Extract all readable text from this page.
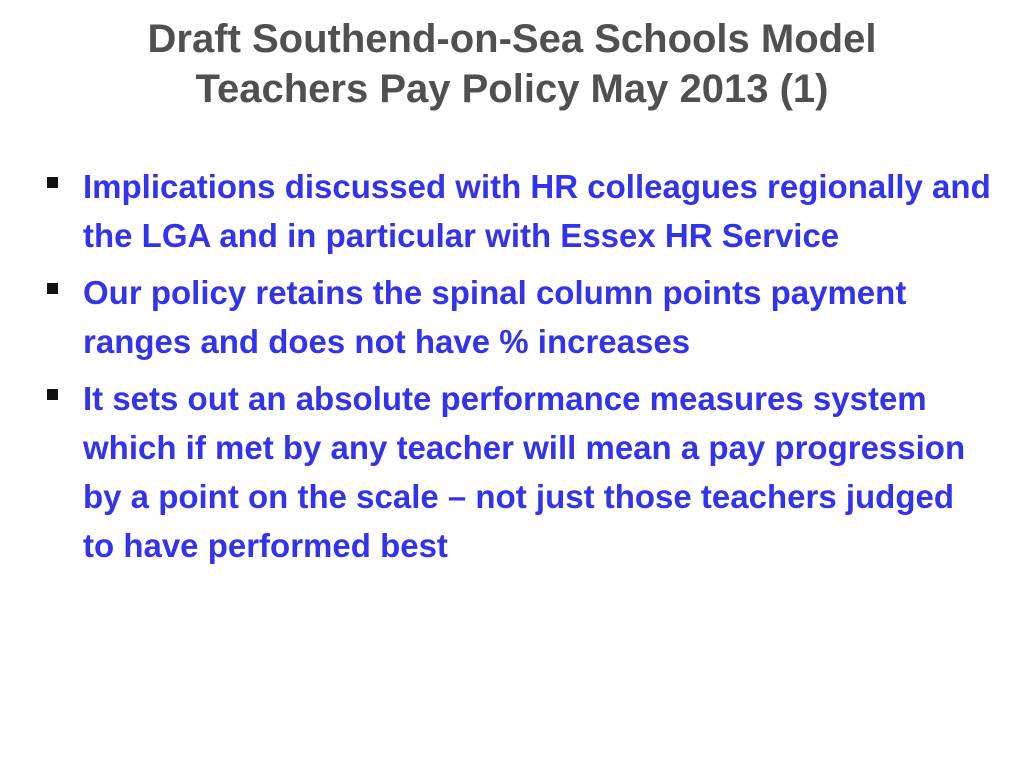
Draft Southend-on-Sea Schools Model
Teachers Pay Policy May 2013 (1)
Implications discussed with HR colleagues regionally and the LGA and in particular with Essex HR Service
Our policy retains the spinal column points payment ranges and does not have % increases
It sets out an absolute performance measures system which if met by any teacher will mean a pay progression by a point on the scale – not just those teachers judged to have performed best
